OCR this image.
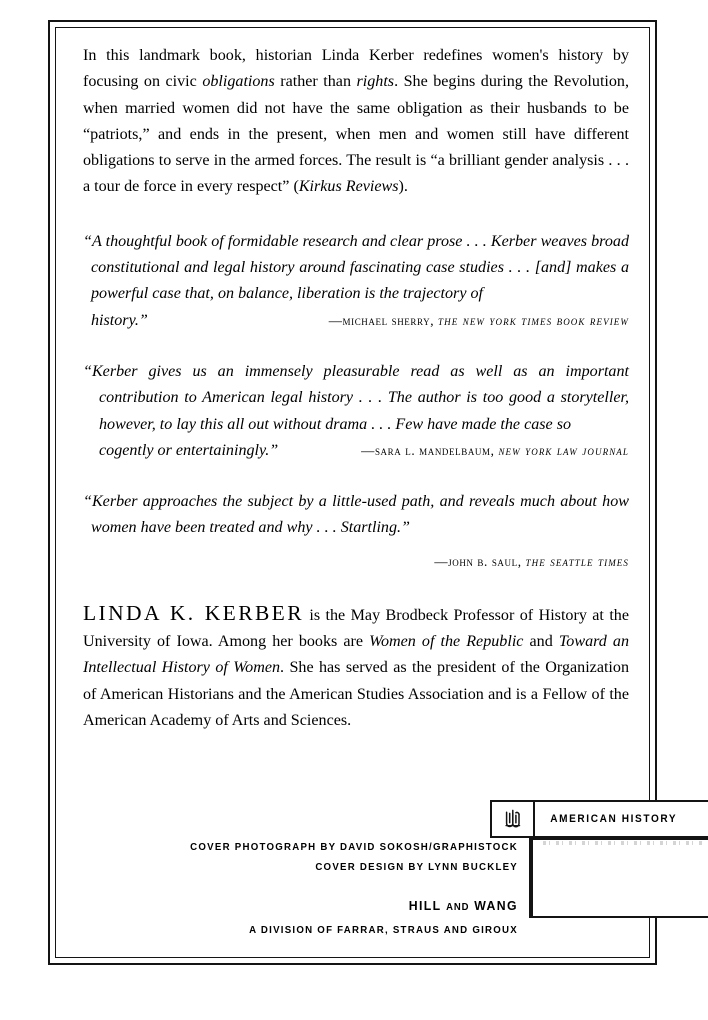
In this landmark book, historian Linda Kerber redefines women's history by focusing on civic obligations rather than rights. She begins during the Revolution, when married women did not have the same obligation as their husbands to be “patriots,” and ends in the present, when men and women still have different obligations to serve in the armed forces. The result is “a brilliant gender analysis . . . a tour de force in every respect” (Kirkus Reviews).

“A thoughtful book of formidable research and clear prose . . . Kerber weaves broad constitutional and legal history around fascinating case studies . . . [and] makes a powerful case that, on balance, liberation is the trajectory of

history.”	—michael sherry, the new york times book review

“Kerber gives us an immensely pleasurable read as well as an important contribution to American legal history . . . The author is too good a storyteller, however, to lay this all out without drama . . . Few have made the case so

cogently or entertainingly.”	—sara l. mandelbaum, new york law journal

“Kerber approaches the subject by a little-used path, and reveals much about how women have been treated and why . . . Startling.”

—john b. saul, the seattle times

LINDA K. KERBER is the May Brodbeck Professor of History at the University of Iowa. Among her books are Women of the Republic and Toward an Intellectual History of Women. She has served as the president of the Organization of American Historians and the American Studies Association and is a Fellow of the American Academy of Arts and Sciences.

COVER PHOTOGRAPH BY DAVID SOKOSH/GRAPHISTOCK
COVER DESIGN BY LYNN BUCKLEY
HILL AND WANG
A DIVISION OF FARRAR, STRAUS AND GIROUX
AMERICAN HISTORY
